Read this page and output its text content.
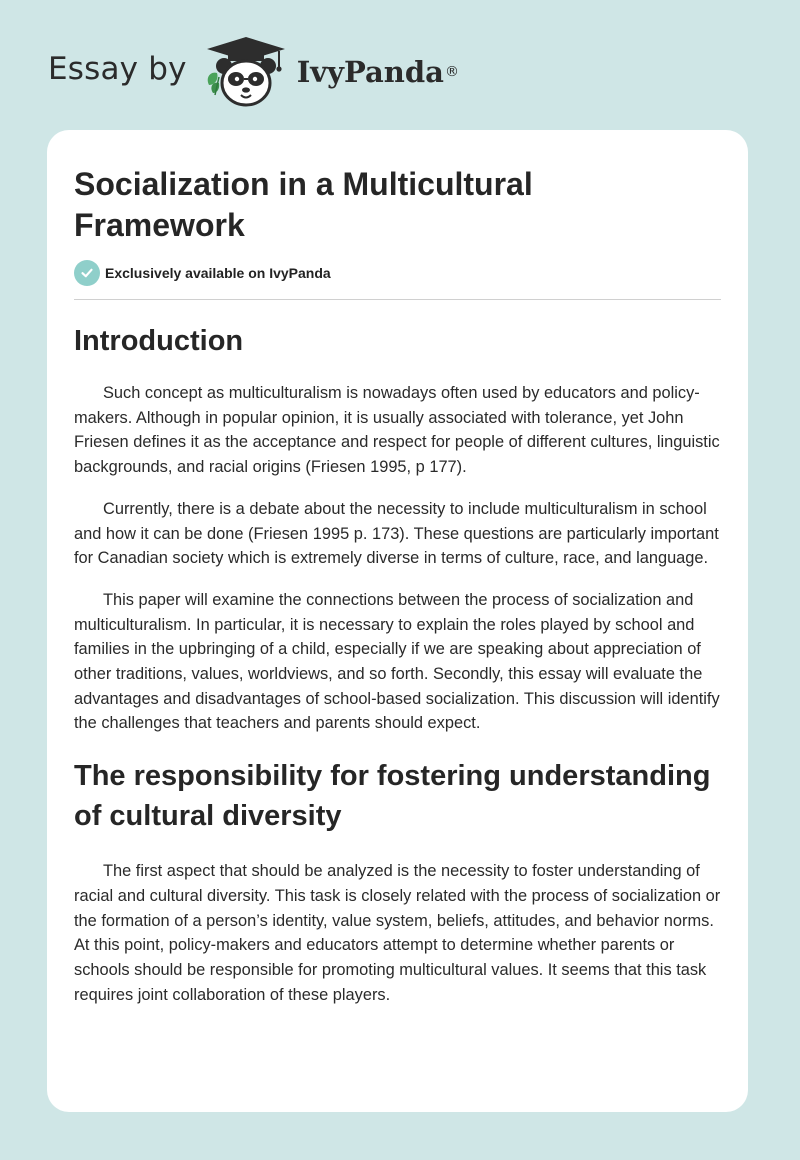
Essay by	IvyPanda ®
Socialization in a Multicultural Framework
Exclusively available on IvyPanda
Introduction

Such concept as multiculturalism is nowadays often used by educators and policy-makers. Although in popular opinion, it is usually associated with tolerance, yet John Friesen defines it as the acceptance and respect for people of different cultures, linguistic backgrounds, and racial origins (Friesen 1995, p 177).

Currently, there is a debate about the necessity to include multiculturalism in school and how it can be done (Friesen 1995 p. 173). These questions are particularly important for Canadian society which is extremely diverse in terms of culture, race, and language.

This paper will examine the connections between the process of socialization and multiculturalism. In particular, it is necessary to explain the roles played by school and families in the upbringing of a child, especially if we are speaking about appreciation of other traditions, values, worldviews, and so forth. Secondly, this essay will evaluate the advantages and disadvantages of school-based socialization. This discussion will identify the challenges that teachers and parents should expect.

The responsibility for fostering understanding of cultural diversity

The first aspect that should be analyzed is the necessity to foster understanding of racial and cultural diversity. This task is closely related with the process of socialization or the formation of a person’s identity, value system, beliefs, attitudes, and behavior norms. At this point, policy-makers and educators attempt to determine whether parents or schools should be responsible for promoting multicultural values. It seems that this task requires joint collaboration of these players.
